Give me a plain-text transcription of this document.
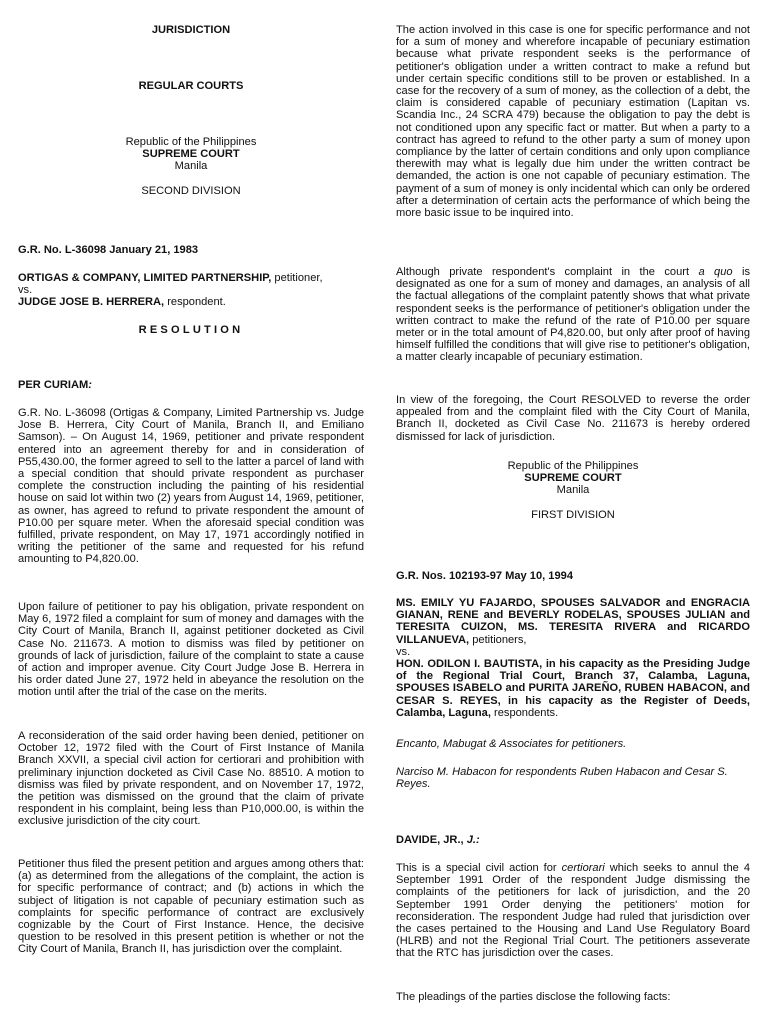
JURISDICTION
REGULAR COURTS
Republic of the Philippines
SUPREME COURT
Manila
SECOND DIVISION
G.R. No. L-36098 January 21, 1983
ORTIGAS & COMPANY, LIMITED PARTNERSHIP, petitioner,
vs.
JUDGE JOSE B. HERRERA, respondent.
RESOLUTION
PER CURIAM:

G.R. No. L-36098 (Ortigas & Company, Limited Partnership vs. Judge Jose B. Herrera, City Court of Manila, Branch II, and Emiliano Samson). – On August 14, 1969, petitioner and private respondent entered into an agreement thereby for and in consideration of P55,430.00, the former agreed to sell to the latter a parcel of land with a special condition that should private respondent as purchaser complete the construction including the painting of his residential house on said lot within two (2) years from August 14, 1969, petitioner, as owner, has agreed to refund to private respondent the amount of P10.00 per square meter. When the aforesaid special condition was fulfilled, private respondent, on May 17, 1971 accordingly notified in writing the petitioner of the same and requested for his refund amounting to P4,820.00.

Upon failure of petitioner to pay his obligation, private respondent on May 6, 1972 filed a complaint for sum of money and damages with the City Court of Manila, Branch II, against petitioner docketed as Civil Case No. 211673. A motion to dismiss was filed by petitioner on grounds of lack of jurisdiction, failure of the complaint to state a cause of action and improper avenue. City Court Judge Jose B. Herrera in his order dated June 27, 1972 held in abeyance the resolution on the motion until after the trial of the case on the merits.

A reconsideration of the said order having been denied, petitioner on October 12, 1972 filed with the Court of First Instance of Manila Branch XXVII, a special civil action for certiorari and prohibition with preliminary injunction docketed as Civil Case No. 88510. A motion to dismiss was filed by private respondent, and on November 17, 1972, the petition was dismissed on the ground that the claim of private respondent in his complaint, being less than P10,000.00, is within the exclusive jurisdiction of the city court.

Petitioner thus filed the present petition and argues among others that: (a) as determined from the allegations of the complaint, the action is for specific performance of contract; and (b) actions in which the subject of litigation is not capable of pecuniary estimation such as complaints for specific performance of contract are exclusively cognizable by the Court of First Instance. Hence, the decisive question to be resolved in this present petition is whether or not the City Court of Manila, Branch II, has jurisdiction over the complaint.

The action involved in this case is one for specific performance and not for a sum of money and wherefore incapable of pecuniary estimation because what private respondent seeks is the performance of petitioner's obligation under a written contract to make a refund but under certain specific conditions still to be proven or established. In a case for the recovery of a sum of money, as the collection of a debt, the claim is considered capable of pecuniary estimation (Lapitan vs. Scandia Inc., 24 SCRA 479) because the obligation to pay the debt is not conditioned upon any specific fact or matter. But when a party to a contract has agreed to refund to the other party a sum of money upon compliance by the latter of certain conditions and only upon compliance therewith may what is legally due him under the written contract be demanded, the action is one not capable of pecuniary estimation. The payment of a sum of money is only incidental which can only be ordered after a determination of certain acts the performance of which being the more basic issue to be inquired into.

Although private respondent's complaint in the court a quo is designated as one for a sum of money and damages, an analysis of all the factual allegations of the complaint patently shows that what private respondent seeks is the performance of petitioner's obligation under the written contract to make the refund of the rate of P10.00 per square meter or in the total amount of P4,820.00, but only after proof of having himself fulfilled the conditions that will give rise to petitioner's obligation, a matter clearly incapable of pecuniary estimation.

In view of the foregoing, the Court RESOLVED to reverse the order appealed from and the complaint filed with the City Court of Manila, Branch II, docketed as Civil Case No. 211673 is hereby ordered dismissed for lack of jurisdiction.

Republic of the Philippines
SUPREME COURT
Manila
FIRST DIVISION
G.R. Nos. 102193-97 May 10, 1994
MS. EMILY YU FAJARDO, SPOUSES SALVADOR and ENGRACIA GIANAN, RENE and BEVERLY RODELAS, SPOUSES JULIAN and TERESITA CUIZON, MS. TERESITA RIVERA and RICARDO VILLANUEVA, petitioners,
vs.
HON. ODILON I. BAUTISTA, in his capacity as the Presiding Judge of the Regional Trial Court, Branch 37, Calamba, Laguna, SPOUSES ISABELO and PURITA JAREÑO, RUBEN HABACON, and CESAR S. REYES, in his capacity as the Register of Deeds, Calamba, Laguna, respondents.
Encanto, Mabugat & Associates for petitioners.
Narciso M. Habacon for respondents Ruben Habacon and Cesar S. Reyes.
DAVIDE, JR., J.:

This is a special civil action for certiorari which seeks to annul the 4 September 1991 Order of the respondent Judge dismissing the complaints of the petitioners for lack of jurisdiction, and the 20 September 1991 Order denying the petitioners' motion for reconsideration. The respondent Judge had ruled that jurisdiction over the cases pertained to the Housing and Land Use Regulatory Board (HLRB) and not the Regional Trial Court. The petitioners asseverate that the RTC has jurisdiction over the cases.

The pleadings of the parties disclose the following facts:
